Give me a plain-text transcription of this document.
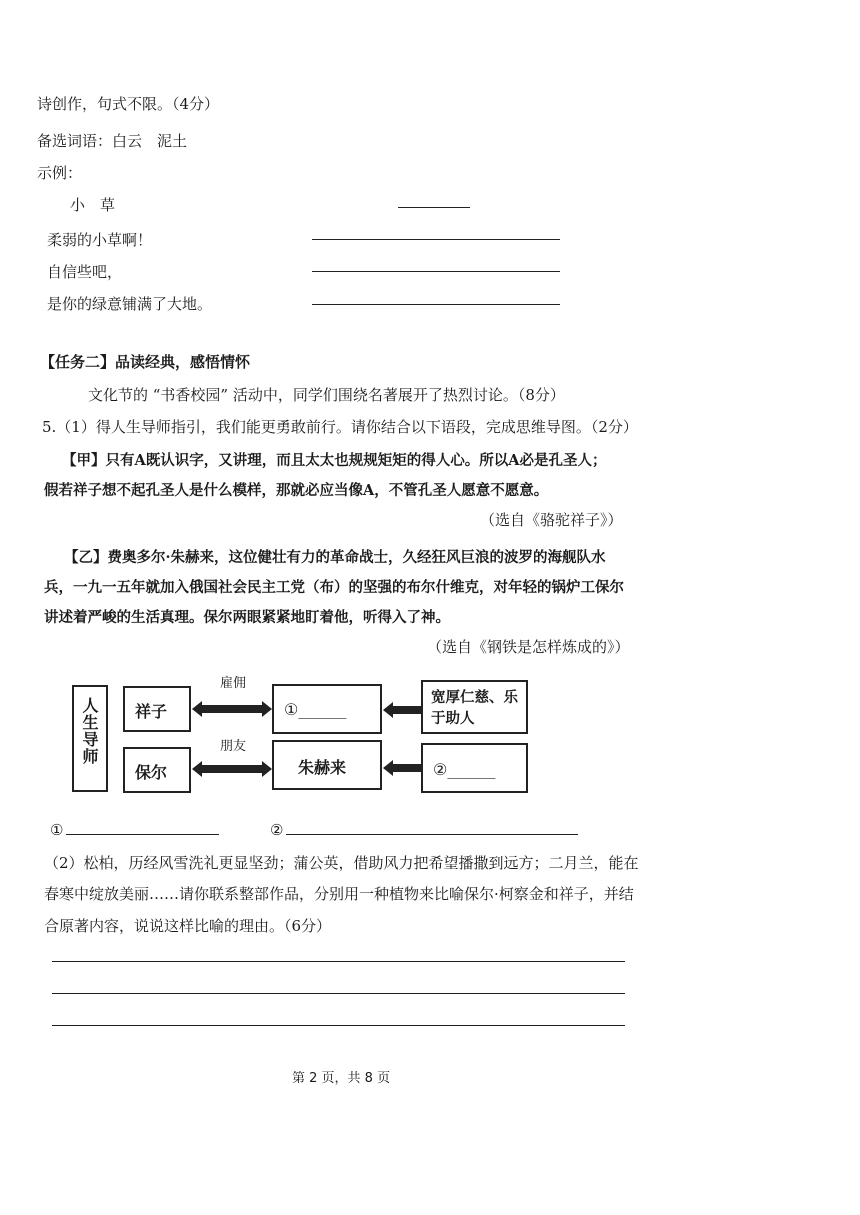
诗创作，句式不限。（4分）
备选词语：白云　泥土
示例：
小　草
柔弱的小草啊！
自信些吧，
是你的绿意铺满了大地。
【任务二】品读经典，感悟情怀
文化节的 “书香校园” 活动中，同学们围绕名著展开了热烈讨论。（8分）
5.（1）得人生导师指引，我们能更勇敢前行。请你结合以下语段，完成思维导图。（2分）
【甲】只有A既认识字，又讲理，而且太太也规规矩矩的得人心。所以A必是孔圣人；
假若祥子想不起孔圣人是什么模样，那就必应当像A，不管孔圣人愿意不愿意。
（选自《骆驼祥子》）
【乙】费奥多尔·朱赫来，这位健壮有力的革命战士，久经狂风巨浪的波罗的海舰队水
兵，一九一五年就加入俄国社会民主工党（布）的坚强的布尔什维克，对年轻的锅炉工保尔
讲述着严峻的生活真理。保尔两眼紧紧地盯着他，听得入了神。
（选自《钢铁是怎样炼成的》）
人生导师 祥子
雇佣
①______
宽厚仁慈、乐于助人
保尔
朋友
朱赫来	②______
①	②
（2）松柏，历经风雪洗礼更显坚劲；蒲公英，借助风力把希望播撒到远方；二月兰，能在
春寒中绽放美丽……请你联系整部作品，分别用一种植物来比喻保尔·柯察金和祥子，并结
合原著内容，说说这样比喻的理由。（6分）
第 2 页，共 8 页
